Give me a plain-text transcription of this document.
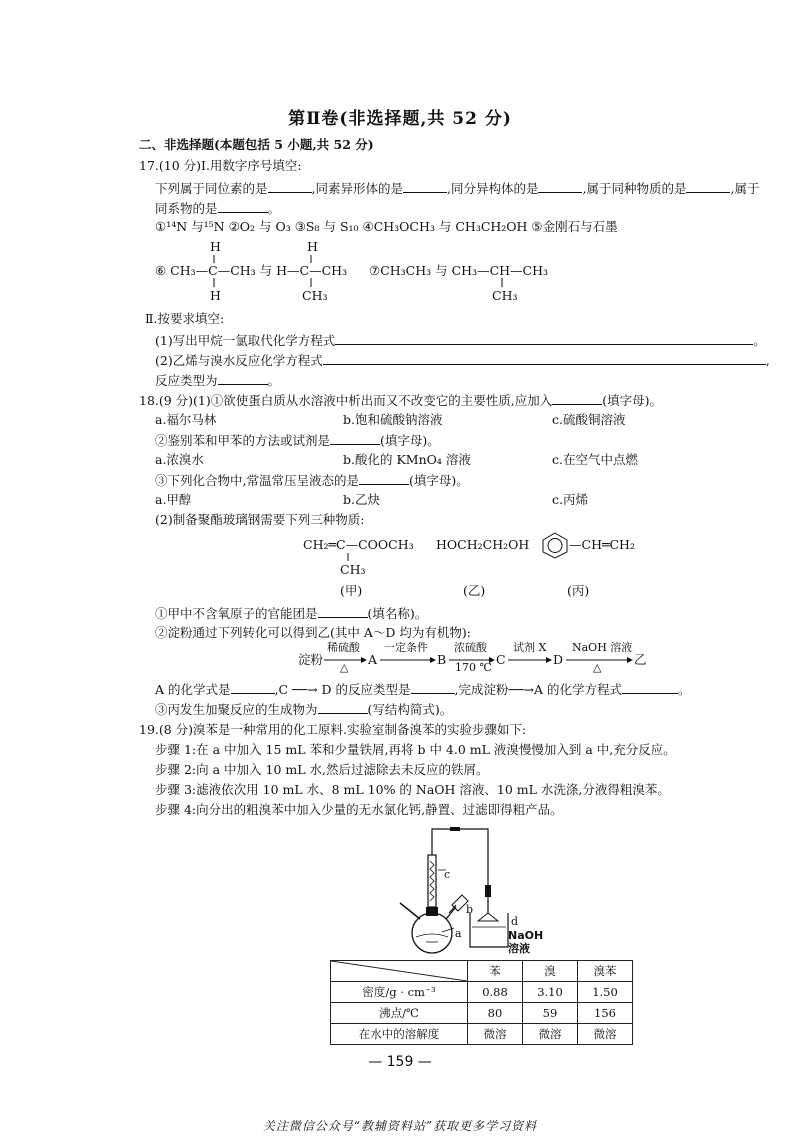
第Ⅱ卷(非选择题,共 52 分)
二、非选择题(本题包括 5 小题,共 52 分)
17.(10 分)Ⅰ.用数字序号填空:
下列属于同位素的是	,同素异形体的是	,同分异构体的是	,属于同种物质的是	,属于
同系物的是	。
①¹⁴N 与¹⁵N ②O₂ 与 O₃ ③S₈ 与 S₁₀ ④CH₃OCH₃ 与 CH₃CH₂OH ⑤金刚石与石墨
H	H
⑥ CH₃—C—CH₃ 与 H—C—CH₃ ⑦CH₃CH₃ 与 CH₃—CH—CH₃
H	CH₃	CH₃
Ⅱ.按要求填空:
(1)写出甲烷一氯取代化学方程式	。
(2)乙烯与溴水反应化学方程式	,
反应类型为	。
18.(9 分)(1)①欲使蛋白质从水溶液中析出而又不改变它的主要性质,应加入	(填字母)。
a.福尔马林	b.饱和硫酸钠溶液	c.硫酸铜溶液
②鉴别苯和甲苯的方法或试剂是	(填字母)。
a.浓溴水	b.酸化的 KMnO₄ 溶液	c.在空气中点燃
③下列化合物中,常温常压呈液态的是	(填字母)。
a.甲醇	b.乙炔	c.丙烯
(2)制备聚酯玻璃钢需要下列三种物质:
CH₂═C—COOCH₃
CH₃
HOCH₂CH₂OH	—CH═CH₂
(甲)	(乙)	(丙)
①甲中不含氧原子的官能团是	(填名称)。
②淀粉通过下列转化可以得到乙(其中 A～D 均为有机物):
淀粉
稀硫酸
△
A
一定条件
B
浓硫酸
170 ℃
C
试剂 X
D
NaOH 溶液
△
乙
A 的化学式是	,C ──→ D 的反应类型是	,完成淀粉──→A 的化学方程式	。
③丙发生加聚反应的生成物为	(写结构简式)。
19.(8 分)溴苯是一种常用的化工原料.实验室制备溴苯的实验步骤如下:
步骤 1:在 a 中加入 15 mL 苯和少量铁屑,再将 b 中 4.0 mL 液溴慢慢加入到 a 中,充分反应。
步骤 2:向 a 中加入 10 mL 水,然后过滤除去未反应的铁屑。
步骤 3:滤液依次用 10 mL 水、8 mL 10% 的 NaOH 溶液、10 mL 水洗涤,分液得粗溴苯。
步骤 4:向分出的粗溴苯中加入少量的无水氯化钙,静置、过滤即得粗产品。
a
b
c
d
NaOH
溶液
	苯	溴	溴苯
密度/g · cm⁻³	0.88	3.10	1.50
沸点/℃	80	59	156
在水中的溶解度	微溶	微溶	微溶
— 159 —
关注微信公众号“教辅资料站”获取更多学习资料
